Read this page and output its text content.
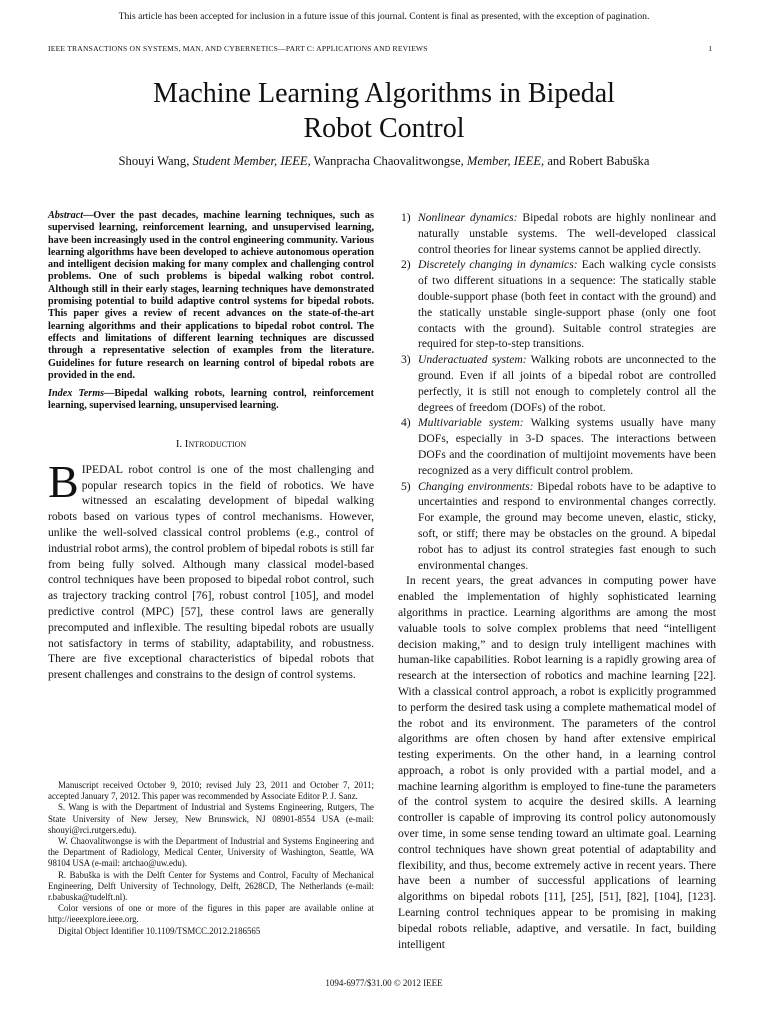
This article has been accepted for inclusion in a future issue of this journal. Content is final as presented, with the exception of pagination.
IEEE TRANSACTIONS ON SYSTEMS, MAN, AND CYBERNETICS—PART C: APPLICATIONS AND REVIEWS	1
Machine Learning Algorithms in Bipedal
Robot Control
Shouyi Wang, Student Member, IEEE, Wanpracha Chaovalitwongse, Member, IEEE, and Robert Babuška

Abstract—Over the past decades, machine learning techniques, such as supervised learning, reinforcement learning, and unsupervised learning, have been increasingly used in the control engineering community. Various learning algorithms have been developed to achieve autonomous operation and intelligent decision making for many complex and challenging control problems. One of such problems is bipedal walking robot control. Although still in their early stages, learning techniques have demonstrated promising potential to build adaptive control systems for bipedal robots. This paper gives a review of recent advances on the state-of-the-art learning algorithms and their applications to bipedal robot control. The effects and limitations of different learning techniques are discussed through a representative selection of examples from the literature. Guidelines for future research on learning control of bipedal robots are provided in the end.

Index Terms—Bipedal walking robots, learning control, reinforcement learning, supervised learning, unsupervised learning.

I. Introduction

BIPEDAL robot control is one of the most challenging and popular research topics in the field of robotics. We have witnessed an escalating development of bipedal walking robots based on various types of control mechanisms. However, unlike the well-solved classical control problems (e.g., control of industrial robot arms), the control problem of bipedal robots is still far from being fully solved. Although many classical model-based control techniques have been proposed to bipedal robot control, such as trajectory tracking control [76], robust control [105], and model predictive control (MPC) [57], these control laws are generally precomputed and inflexible. The resulting bipedal robots are usually not satisfactory in terms of stability, adaptability, and robustness. There are five exceptional characteristics of bipedal robots that present challenges and constrains to the design of control systems.

Manuscript received October 9, 2010; revised July 23, 2011 and October 7, 2011; accepted January 7, 2012. This paper was recommended by Associate Editor P. J. Sanz.

S. Wang is with the Department of Industrial and Systems Engineering, Rutgers, The State University of New Jersey, New Brunswick, NJ 08901-8554 USA (e-mail: shouyi@rci.rutgers.edu).

W. Chaovalitwongse is with the Department of Industrial and Systems Engineering and the Department of Radiology, Medical Center, University of Washington, Seattle, WA 98104 USA (e-mail: artchao@uw.edu).

R. Babuška is with the Delft Center for Systems and Control, Faculty of Mechanical Engineering, Delft University of Technology, Delft, 2628CD, The Netherlands (e-mail: r.babuska@tudelft.nl).

Color versions of one or more of the figures in this paper are available online at http://ieeexplore.ieee.org.

Digital Object Identifier 10.1109/TSMCC.2012.2186565

1) Nonlinear dynamics: Bipedal robots are highly nonlinear and naturally unstable systems. The well-developed classical control theories for linear systems cannot be applied directly.
2) Discretely changing in dynamics: Each walking cycle consists of two different situations in a sequence: The statically stable double-support phase (both feet in contact with the ground) and the statically unstable single-support phase (only one foot contacts with the ground). Suitable control strategies are required for step-to-step transitions.
3) Underactuated system: Walking robots are unconnected to the ground. Even if all joints of a bipedal robot are controlled perfectly, it is still not enough to completely control all the degrees of freedom (DOFs) of the robot.
4) Multivariable system: Walking systems usually have many DOFs, especially in 3-D spaces. The interactions between DOFs and the coordination of multijoint movements have been recognized as a very difficult control problem.
5) Changing environments: Bipedal robots have to be adaptive to uncertainties and respond to environmental changes correctly. For example, the ground may become uneven, elastic, sticky, soft, or stiff; there may be obstacles on the ground. A bipedal robot has to adjust its control strategies fast enough to such environmental changes.

In recent years, the great advances in computing power have enabled the implementation of highly sophisticated learning algorithms in practice. Learning algorithms are among the most valuable tools to solve complex problems that need “intelligent decision making,” and to design truly intelligent machines with human-like capabilities. Robot learning is a rapidly growing area of research at the intersection of robotics and machine learning [22]. With a classical control approach, a robot is explicitly programmed to perform the desired task using a complete mathematical model of the robot and its environment. The parameters of the control algorithms are often chosen by hand after extensive empirical testing experiments. On the other hand, in a learning control approach, a robot is only provided with a partial model, and a machine learning algorithm is employed to fine-tune the parameters of the control system to acquire the desired skills. A learning controller is capable of improving its control policy autonomously over time, in some sense tending toward an ultimate goal. Learning control techniques have shown great potential of adaptability and flexibility, and thus, become extremely active in recent years. There have been a number of successful applications of learning algorithms on bipedal robots [11], [25], [51], [82], [104], [123]. Learning control techniques appear to be promising in making bipedal robots reliable, adaptive, and versatile. In fact, building intelligent

1094-6977/$31.00 © 2012 IEEE
